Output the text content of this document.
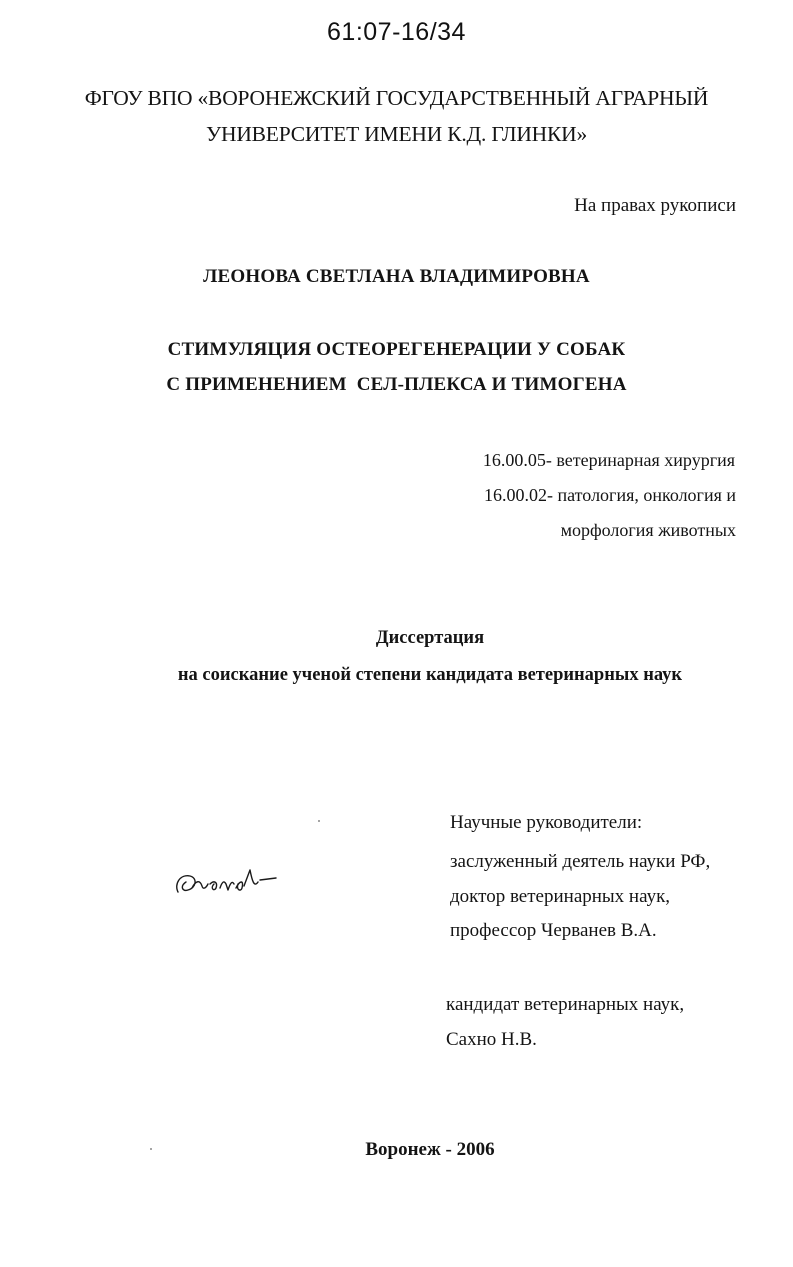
61:07-16/34
ФГОУ ВПО «ВОРОНЕЖСКИЙ ГОСУДАРСТВЕННЫЙ АГРАРНЫЙ
УНИВЕРСИТЕТ ИМЕНИ К.Д. ГЛИНКИ»
На правах рукописи
ЛЕОНОВА СВЕТЛАНА ВЛАДИМИРОВНА
СТИМУЛЯЦИЯ ОСТЕОРЕГЕНЕРАЦИИ У СОБАК
С ПРИМЕНЕНИЕМ  СЕЛ-ПЛЕКСА И ТИМОГЕНА
16.00.05- ветеринарная хирургия
16.00.02- патология, онкология и
морфология животных
Диссертация
на соискание ученой степени кандидата ветеринарных наук
Научные руководители:
заслуженный деятель науки РФ,
доктор ветеринарных наук,
профессор Черванев В.А.
кандидат ветеринарных наук,
Сахно Н.В.
Воронеж - 2006
